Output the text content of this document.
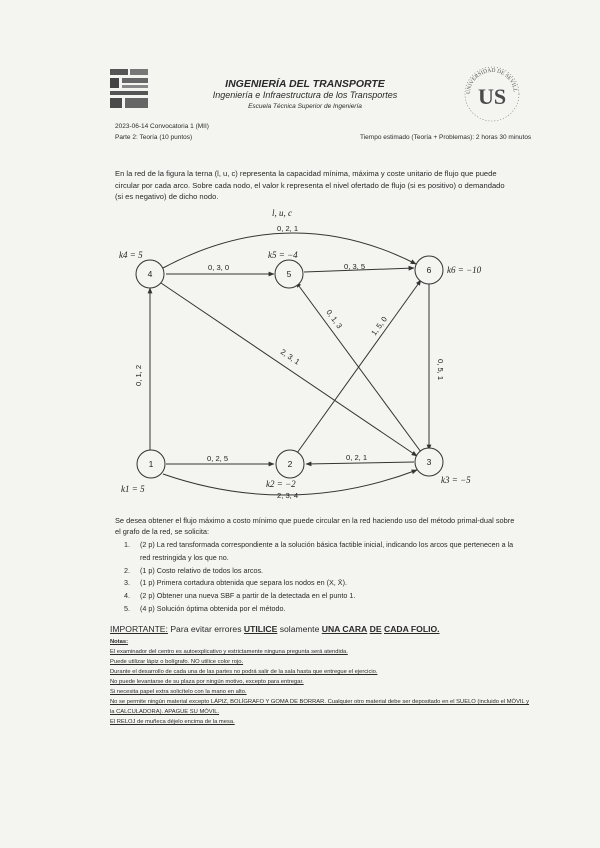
INGENIERÍA DEL TRANSPORTE
Ingeniería e Infraestructura de los Transportes
Escuela Técnica Superior de Ingeniería
UNIVERSIDAD DE SEVILL
US
2023-06-14 Convocatoria 1 (MII)
Parte 2: Teoría (10 puntos)	Tiempo estimado (Teoría + Problemas): 2 horas 30 minutos
En la red de la figura la terna (l, u, c) representa la capacidad mínima, máxima y coste unitario de flujo que puede circular por cada arco. Sobre cada nodo, el valor k representa el nivel ofertado de flujo (si es positivo) o demandado (si es negativo) de dicho nodo.
4	5	6
1	2	3
l, u, c
k4 = 5	k5 = −4
k6 = −10
k1 = 5	k2 = −2	k3 = −5
0, 2, 1
0, 3, 0	0, 3, 5
0, 1, 2
2, 3, 1
0, 1, 3	1, 5, 0
0, 5, 1
0, 2, 5	0, 2, 1
2, 3, 4
Se desea obtener el flujo máximo a costo mínimo que puede circular en la red haciendo uso del método primal-dual sobre el grafo de la red, se solicita:
1.	(2 p) La red tansformada correspondiente a la solución básica factible inicial, indicando los arcos que pertenecen a la red restringida y los que no.
2.	(1 p) Costo relativo de todos los arcos.
3.	(1 p) Primera cortadura obtenida que separa los nodos en (X, X̄).
4.	(2 p) Obtener una nueva SBF a partir de la detectada en el punto 1.
5.	(4 p) Solución óptima obtenida por el método.
IMPORTANTE: Para evitar errores UTILICE solamente UNA CARA DE CADA FOLIO.
Notas:
El examinador del centro es autoexplicativo y estrictamente ninguna pregunta será atendida.
Puede utilizar lápiz o bolígrafo. NO utilice color rojo.
Durante el desarrollo de cada una de las partes no podrá salir de la sala hasta que entregue el ejercicio.
No puede levantarse de su plaza por ningún motivo, excepto para entregar.
Si necesita papel extra solicítelo con la mano en alto.
No se permite ningún material excepto LÁPIZ, BOLÍGRAFO Y GOMA DE BORRAR. Cualquier otro material debe ser depositado en el SUELO (incluido el MÓVIL y la CALCULADORA). APAGUE SU MÓVIL.
El RELOJ de muñeca déjelo encima de la mesa.
